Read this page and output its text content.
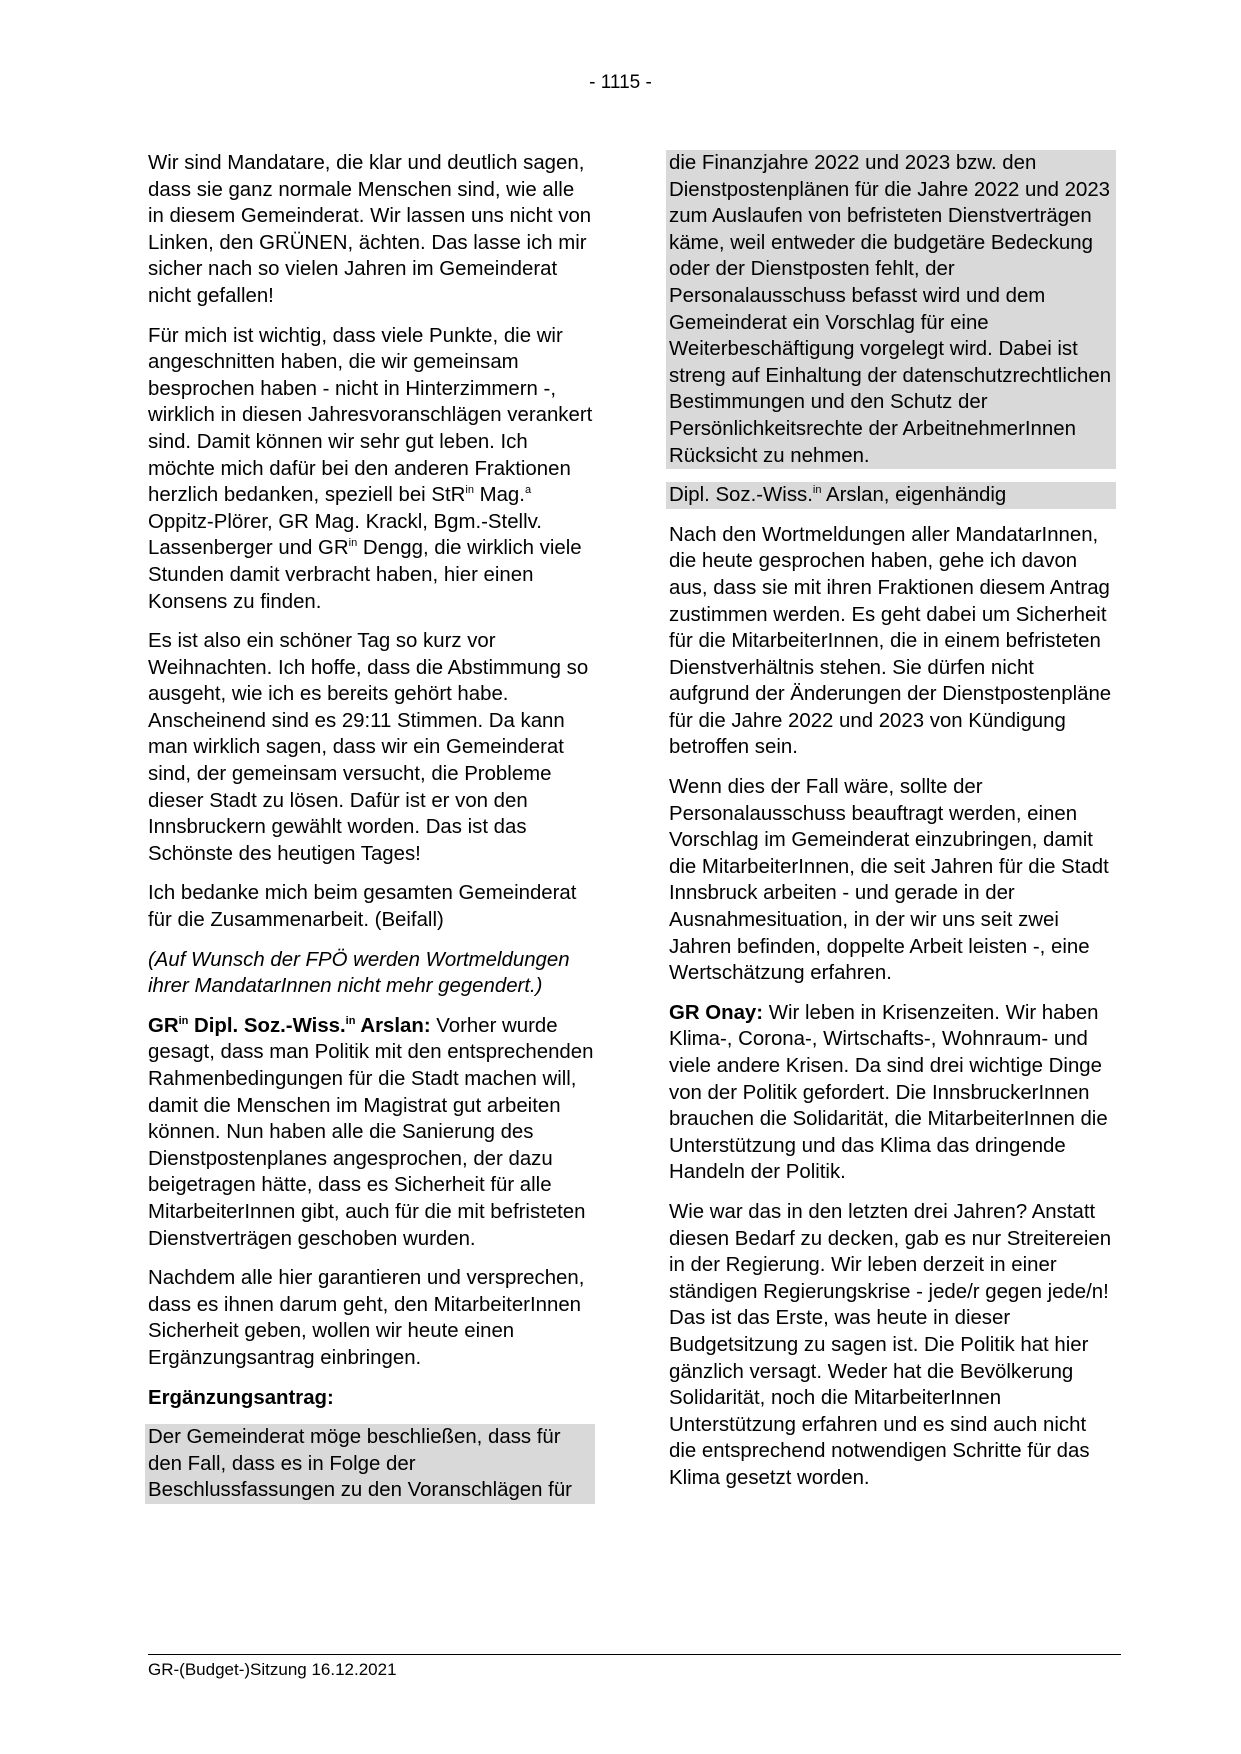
- 1115 -

Wir sind Mandatare, die klar und deutlich sagen, dass sie ganz normale Menschen sind, wie alle in diesem Gemeinderat. Wir lassen uns nicht von Linken, den GRÜNEN, ächten. Das lasse ich mir sicher nach so vielen Jahren im Gemeinderat nicht gefallen!

Für mich ist wichtig, dass viele Punkte, die wir angeschnitten haben, die wir gemeinsam besprochen haben - nicht in Hinterzimmern -, wirklich in diesen Jahresvoranschlägen verankert sind. Damit können wir sehr gut leben. Ich möchte mich dafür bei den anderen Fraktionen herzlich bedanken, speziell bei StR$^{in}$ Mag.$^a$ Oppitz-Plörer, GR Mag. Krackl, Bgm.-Stellv. Lassenberger und $GR^{in}$ Dengg, die wirklich viele Stunden damit verbracht haben, hier einen Konsens zu finden.

Es ist also ein schöner Tag so kurz vor Weihnachten. Ich hoffe, dass die Abstimmung so ausgeht, wie ich es bereits gehört habe. Anscheinend sind es 29:11 Stimmen. Da kann man wirklich sagen, dass wir ein Gemeinderat sind, der gemeinsam versucht, die Probleme dieser Stadt zu lösen. Dafür ist er von den Innsbruckern gewählt worden. Das ist das Schönste des heutigen Tages!

Ich bedanke mich beim gesamten Gemeinderat für die Zusammenarbeit. (Beifall)

(Auf Wunsch der FPÖ werden Wortmeldungen ihrer MandatarInnen nicht mehr gegendert.)

$GR^{in}$ Dipl. Soz.-Wiss.$^{in}$ Arslan: Vorher wurde gesagt, dass man Politik mit den entsprechenden Rahmenbedingungen für die Stadt machen will, damit die Menschen im Magistrat gut arbeiten können. Nun haben alle die Sanierung des Dienstpostenplanes angesprochen, der dazu beigetragen hätte, dass es Sicherheit für alle MitarbeiterInnen gibt, auch für die mit befristeten Dienstverträgen geschoben wurden.

Nachdem alle hier garantieren und versprechen, dass es ihnen darum geht, den MitarbeiterInnen Sicherheit geben, wollen wir heute einen Ergänzungsantrag einbringen.

Ergänzungsantrag:

Der Gemeinderat möge beschließen, dass für den Fall, dass es in Folge der Beschlussfassungen zu den Voranschlägen für

die Finanzjahre 2022 und 2023 bzw. den Dienstpostenplänen für die Jahre 2022 und 2023 zum Auslaufen von befristeten Dienstverträgen käme, weil entweder die budgetäre Bedeckung oder der Dienstposten fehlt, der Personalausschuss befasst wird und dem Gemeinderat ein Vorschlag für eine Weiterbeschäftigung vorgelegt wird. Dabei ist streng auf Einhaltung der datenschutzrechtlichen Bestimmungen und den Schutz der Persönlichkeitsrechte der ArbeitnehmerInnen Rücksicht zu nehmen.

Dipl. Soz.-Wiss.$^{in}$ Arslan, eigenhändig

Nach den Wortmeldungen aller MandatarInnen, die heute gesprochen haben, gehe ich davon aus, dass sie mit ihren Fraktionen diesem Antrag zustimmen werden. Es geht dabei um Sicherheit für die MitarbeiterInnen, die in einem befristeten Dienstverhältnis stehen. Sie dürfen nicht aufgrund der Änderungen der Dienstpostenpläne für die Jahre 2022 und 2023 von Kündigung betroffen sein.

Wenn dies der Fall wäre, sollte der Personalausschuss beauftragt werden, einen Vorschlag im Gemeinderat einzubringen, damit die MitarbeiterInnen, die seit Jahren für die Stadt Innsbruck arbeiten - und gerade in der Ausnahmesituation, in der wir uns seit zwei Jahren befinden, doppelte Arbeit leisten -, eine Wertschätzung erfahren.

GR Onay: Wir leben in Krisenzeiten. Wir haben Klima-, Corona-, Wirtschafts-, Wohnraum- und viele andere Krisen. Da sind drei wichtige Dinge von der Politik gefordert. Die InnsbruckerInnen brauchen die Solidarität, die MitarbeiterInnen die Unterstützung und das Klima das dringende Handeln der Politik.

Wie war das in den letzten drei Jahren? Anstatt diesen Bedarf zu decken, gab es nur Streitereien in der Regierung. Wir leben derzeit in einer ständigen Regierungskrise - jede/r gegen jede/n! Das ist das Erste, was heute in dieser Budgetsitzung zu sagen ist. Die Politik hat hier gänzlich versagt. Weder hat die Bevölkerung Solidarität, noch die MitarbeiterInnen Unterstützung erfahren und es sind auch nicht die entsprechend notwendigen Schritte für das Klima gesetzt worden.

GR-(Budget-)Sitzung 16.12.2021
